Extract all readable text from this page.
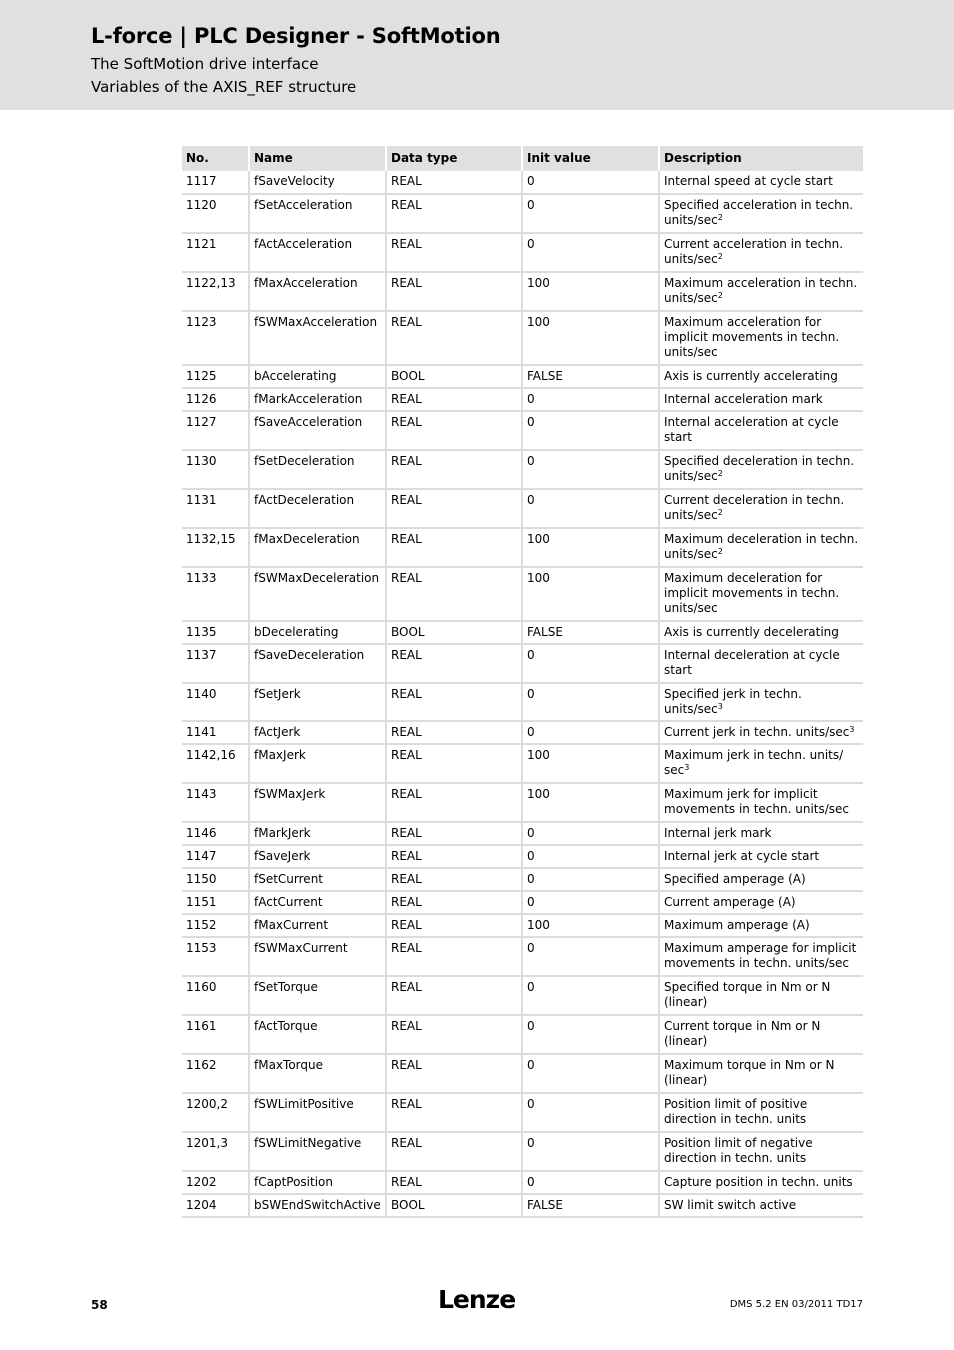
L-force | PLC Designer - SoftMotion
The SoftMotion drive interface
Variables of the AXIS_REF structure
No.	Name	Data type	Init value	Description
1117	fSaveVelocity	REAL	0	Internal speed at cycle start
1120	fSetAcceleration	REAL	0	Specified acceleration in techn. units/$\sec^2$
1121	fActAcceleration	REAL	0	Current acceleration in techn. units/$\sec^2$
1122,13	fMaxAcceleration	REAL	100	Maximum acceleration in techn. units/$\sec^2$
1123	fSWMaxAcceleration	REAL	100	Maximum acceleration for implicit movements in techn. units/sec
1125	bAccelerating	BOOL	FALSE	Axis is currently accelerating
1126	fMarkAcceleration	REAL	0	Internal acceleration mark
1127	fSaveAcceleration	REAL	0	Internal acceleration at cycle start
1130	fSetDeceleration	REAL	0	Specified deceleration in techn. units/$\sec^2$
1131	fActDeceleration	REAL	0	Current deceleration in techn. units/$\sec^2$
1132,15	fMaxDeceleration	REAL	100	Maximum deceleration in techn. units/$\sec^2$
1133	fSWMaxDeceleration	REAL	100	Maximum deceleration for implicit movements in techn. units/sec
1135	bDecelerating	BOOL	FALSE	Axis is currently decelerating
1137	fSaveDeceleration	REAL	0	Internal deceleration at cycle start
1140	fSetJerk	REAL	0	Specified jerk in techn. units/$\sec^3$
1141	fActJerk	REAL	0	Current jerk in techn. units/$\sec^3$
1142,16	fMaxJerk	REAL	100	Maximum jerk in techn. units/ $\sec^3$
1143	fSWMaxJerk	REAL	100	Maximum jerk for implicit movements in techn. units/sec
1146	fMarkJerk	REAL	0	Internal jerk mark
1147	fSaveJerk	REAL	0	Internal jerk at cycle start
1150	fSetCurrent	REAL	0	Specified amperage (A)
1151	fActCurrent	REAL	0	Current amperage (A)
1152	fMaxCurrent	REAL	100	Maximum amperage (A)
1153	fSWMaxCurrent	REAL	0	Maximum amperage for implicit movements in techn. units/sec
1160	fSetTorque	REAL	0	Specified torque in Nm or N (linear)
1161	fActTorque	REAL	0	Current torque in Nm or N (linear)
1162	fMaxTorque	REAL	0	Maximum torque in Nm or N (linear)
1200,2	fSWLimitPositive	REAL	0	Position limit of positive direction in techn. units
1201,3	fSWLimitNegative	REAL	0	Position limit of negative direction in techn. units
1202	fCaptPosition	REAL	0	Capture position in techn. units
1204	bSWEndSwitchActive	BOOL	FALSE	SW limit switch active
58	Lenze	DMS 5.2 EN 03/2011 TD17
